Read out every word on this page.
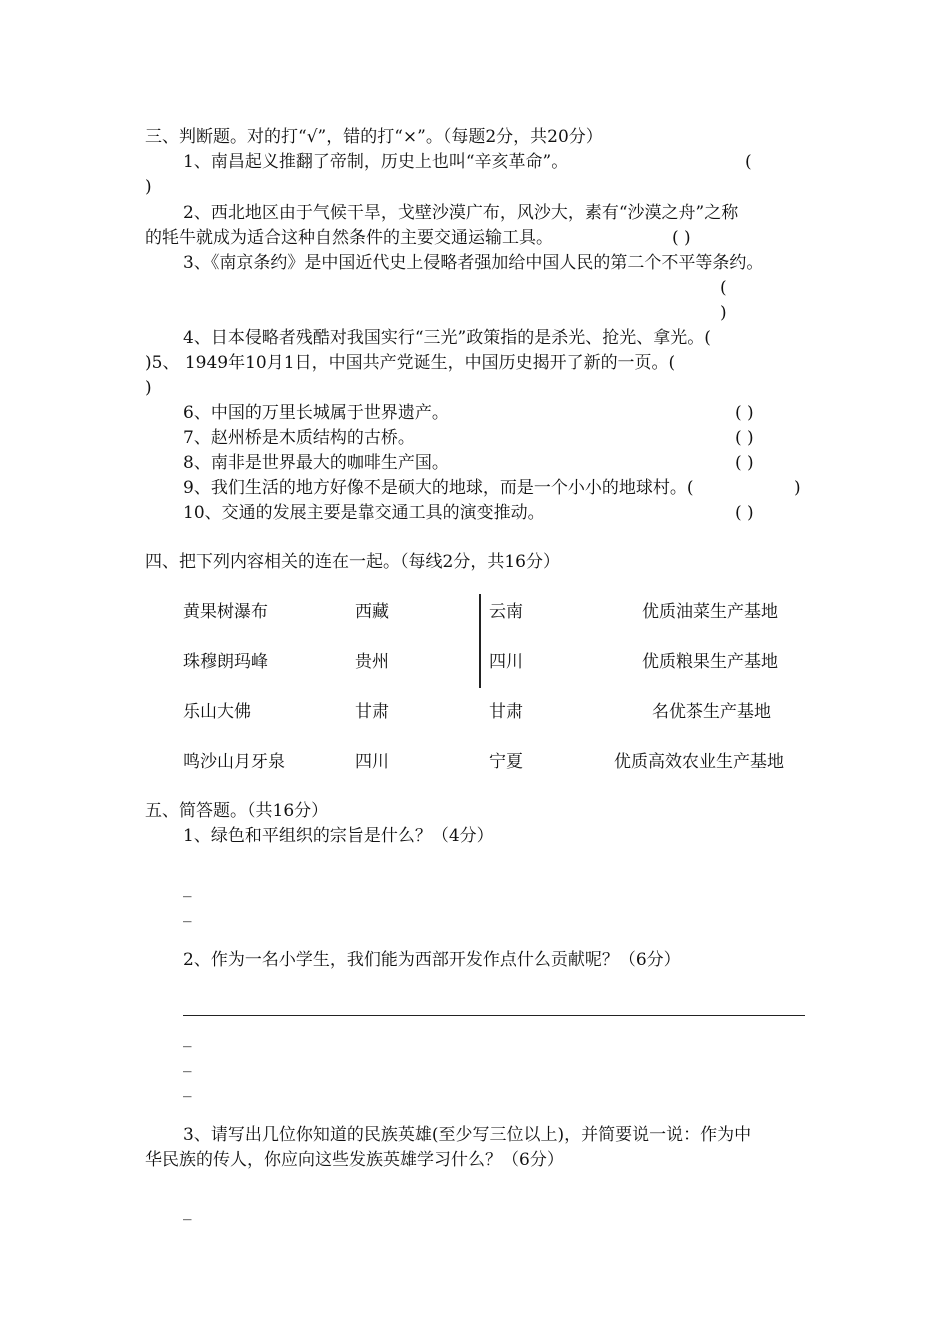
三、判断题。对的打“√”，错的打“×”。（每题2分，共20分）
1、南昌起义推翻了帝制，历史上也叫“辛亥革命”。	(
)
2、西北地区由于气候干旱，戈壁沙漠广布，风沙大，素有“沙漠之舟”之称
的牦牛就成为适合这种自然条件的主要交通运输工具。	( )
3、《南京条约》是中国近代史上侵略者强加给中国人民的第二个不平等条约。
(
)
4、日本侵略者残酷对我国实行“三光”政策指的是杀光、抢光、拿光。(
)5、 1949年10月1日，中国共产党诞生，中国历史揭开了新的一页。(
)
6、中国的万里长城属于世界遗产。	( )
7、赵州桥是木质结构的古桥。	( )
8、南非是世界最大的咖啡生产国。	( )
9、我们生活的地方好像不是硕大的地球，而是一个小小的地球村。(	)
10、交通的发展主要是靠交通工具的演变推动。	( )
四、把下列内容相关的连在一起。（每线2分，共16分）
黄果树瀑布	西藏	云南	优质油菜生产基地
珠穆朗玛峰	贵州	四川	优质粮果生产基地
乐山大佛	甘肃	甘肃	名优茶生产基地
鸣沙山月牙泉	四川	宁夏	优质高效农业生产基地
五、简答题。（共16分）
1、绿色和平组织的宗旨是什么？（4分）
_
_
2、作为一名小学生，我们能为西部开发作点什么贡献呢？（6分）
_
_
_
3、请写出几位你知道的民族英雄(至少写三位以上)，并简要说一说：作为中
华民族的传人，你应向这些发族英雄学习什么？（6分）
_
